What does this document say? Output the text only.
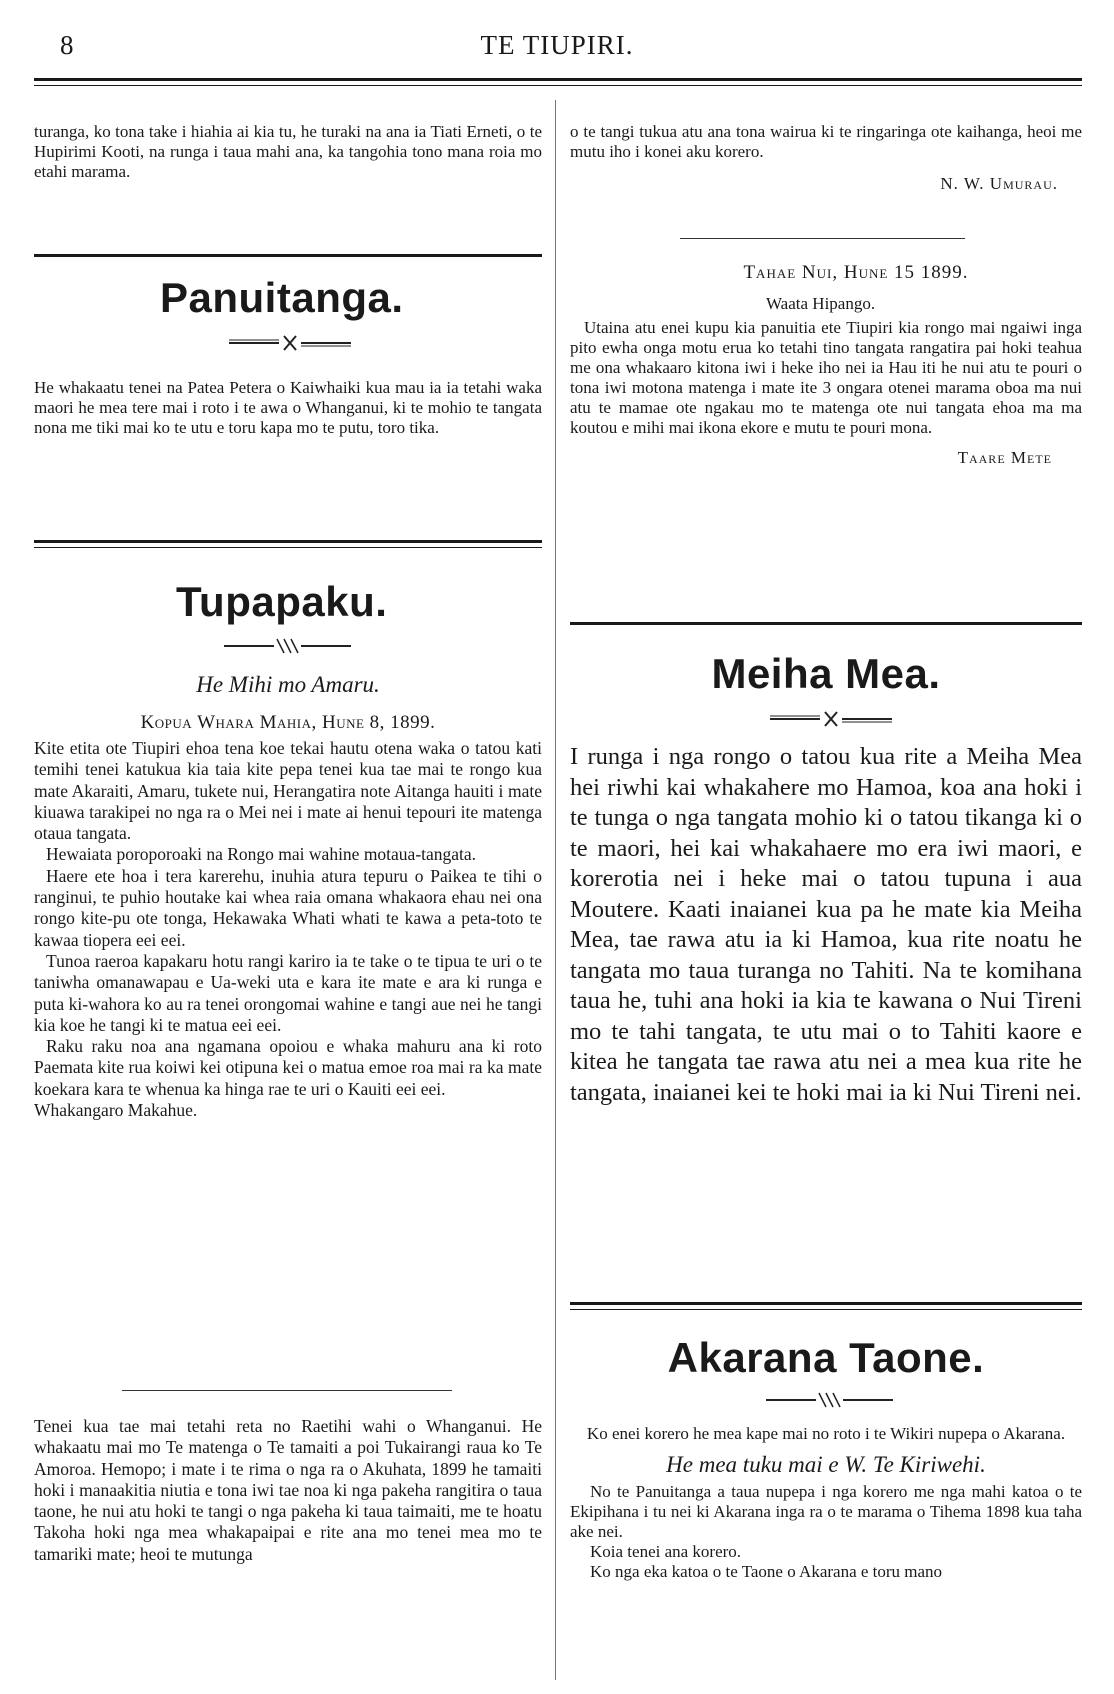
8	TE TIUPIRI.

turanga, ko tona take i hiahia ai kia tu, he turaki na ana ia Tiati Erneti, o te Hupirimi Kooti, na runga i taua mahi ana, ka tangohia tono mana roia mo etahi marama.

Panuitanga.

He whakaatu tenei na Patea Petera o Kaiwhaiki kua mau ia ia tetahi waka maori he mea tere mai i roto i te awa o Whanganui, ki te mohio te tangata nona me tiki mai ko te utu e toru kapa mo te putu, toro tika.

Tupapaku.

He Mihi mo Amaru.

Kopua Whara Mahia, Hune 8, 1899.

Kite etita ote Tiupiri ehoa tena koe tekai hautu otena waka o tatou kati temihi tenei katukua kia taia kite pepa tenei kua tae mai te rongo kua mate Akaraiti, Amaru, tukete nui, Herangatira note Aitanga hauiti i mate kiuawa tarakipei no nga ra o Mei nei i mate ai henui tepouri ite matenga otaua tangata.

Hewaiata poroporoaki na Rongo mai wahine motaua-tangata.

Haere ete hoa i tera karerehu, inuhia atura tepuru o Paikea te tihi o ranginui, te puhio houtake kai whea raia omana whakaora ehau nei ona rongo kite-pu ote tonga, Hekawaka Whati whati te kawa a peta-toto te kawaa tiopera eei eei.

Tunoa raeroa kapakaru hotu rangi kariro ia te take o te tipua te uri o te taniwha omanawapau e Ua-weki uta e kara ite mate e ara ki runga e puta ki-wahora ko au ra tenei orongomai wahine e tangi aue nei he tangi kia koe he tangi ki te matua eei eei.

Raku raku noa ana ngamana opoiou e whaka mahuru ana ki roto Paemata kite rua koiwi kei otipuna kei o matua emoe roa mai ra ka mate koekara kara te whenua ka hinga rae te uri o Kauiti eei eei.

Whakangaro Makahue.

Tenei kua tae mai tetahi reta no Raetihi wahi o Whanganui. He whakaatu mai mo Te matenga o Te tamaiti a poi Tukairangi raua ko Te Amoroa. Hemopo; i mate i te rima o nga ra o Akuhata, 1899 he tamaiti hoki i manaakitia niutia e tona iwi tae noa ki nga pakeha rangitira o taua taone, he nui atu hoki te tangi o nga pakeha ki taua taimaiti, me te hoatu Takoha hoki nga mea whakapaipai e rite ana mo tenei mea mo te tamariki mate; heoi te mutunga

o te tangi tukua atu ana tona wairua ki te ringaringa ote kaihanga, heoi me mutu iho i konei aku korero.

N. W. Umurau.

Tahae Nui, Hune 15 1899.

Waata Hipango.

Utaina atu enei kupu kia panuitia ete Tiupiri kia rongo mai ngaiwi inga pito ewha onga motu erua ko tetahi tino tangata rangatira pai hoki teahua me ona whakaaro kitona iwi i heke iho nei ia Hau iti he nui atu te pouri o tona iwi motona matenga i mate ite 3 ongara otenei marama oboa ma nui atu te mamae ote ngakau mo te matenga ote nui tangata ehoa ma ma koutou e mihi mai ikona ekore e mutu te pouri mona.

Taare Mete

Meiha Mea.

I runga i nga rongo o tatou kua rite a Meiha Mea hei riwhi kai whakahere mo Hamoa, koa ana hoki i te tunga o nga tangata mohio ki o tatou tikanga ki o te maori, hei kai whakahaere mo era iwi maori, e korerotia nei i heke mai o tatou tupuna i aua Moutere. Kaati inaianei kua pa he mate kia Meiha Mea, tae rawa atu ia ki Hamoa, kua rite noatu he tangata mo taua turanga no Tahiti. Na te komihana taua he, tuhi ana hoki ia kia te kawana o Nui Tireni mo te tahi tangata, te utu mai o to Tahiti kaore e kitea he tangata tae rawa atu nei a mea kua rite he tangata, inaianei kei te hoki mai ia ki Nui Tireni nei.

Akarana Taone.

Ko enei korero he mea kape mai no roto i te Wikiri nupepa o Akarana.

He mea tuku mai e W. Te Kiriwehi.

No te Panuitanga a taua nupepa i nga korero me nga mahi katoa o te Ekipihana i tu nei ki Akarana inga ra o te marama o Tihema 1898 kua taha ake nei.

Koia tenei ana korero.

Ko nga eka katoa o te Taone o Akarana e toru mano
